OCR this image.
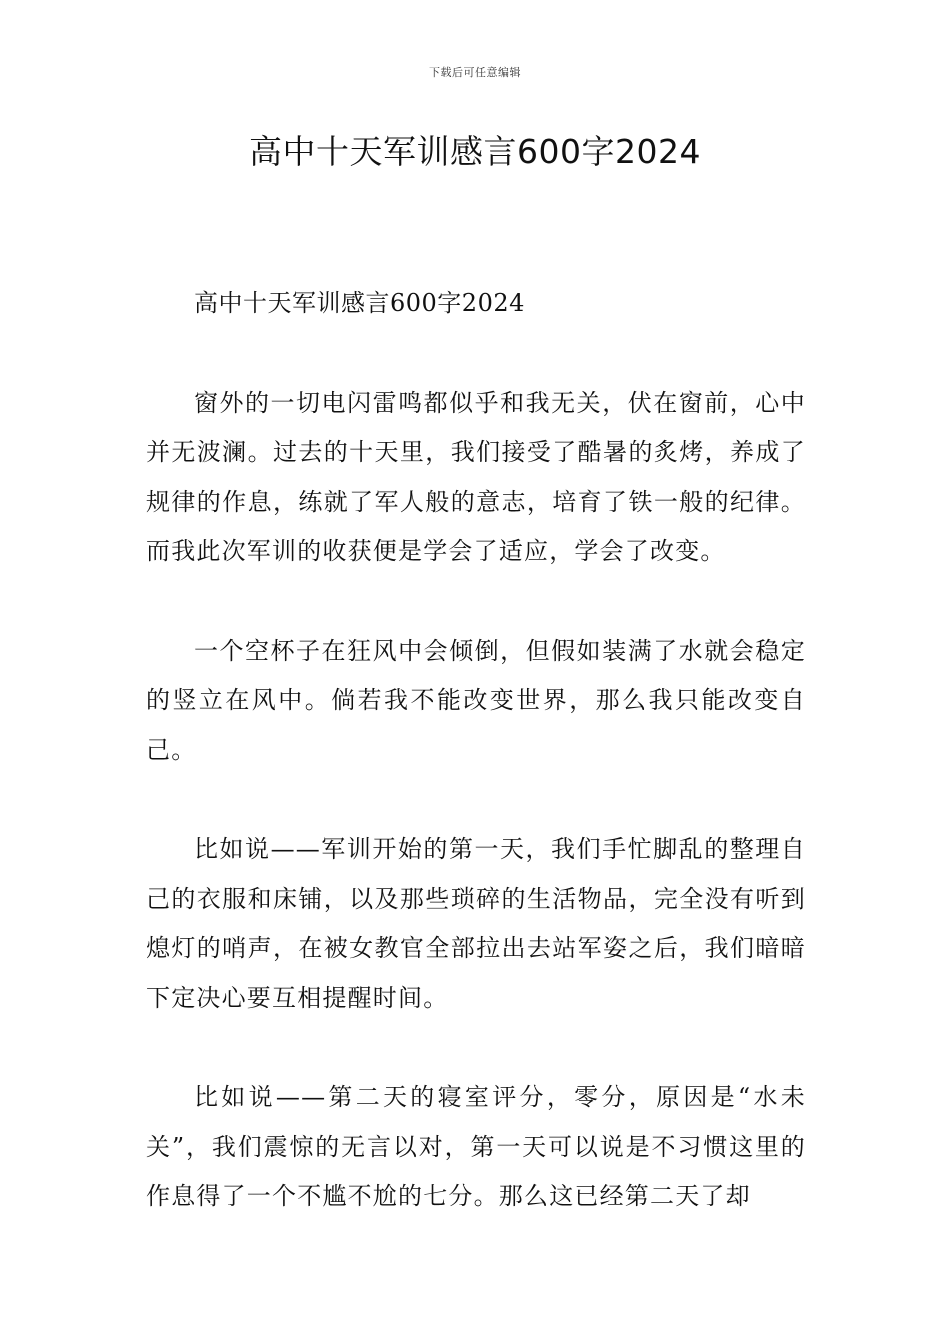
下载后可任意编辑
高中十天军训感言600字2024

高中十天军训感言600字2024

窗外的一切电闪雷鸣都似乎和我无关，伏在窗前，心中并无波澜。过去的十天里，我们接受了酷暑的炙烤，养成了规律的作息，练就了军人般的意志，培育了铁一般的纪律。而我此次军训的收获便是学会了适应，学会了改变。

一个空杯子在狂风中会倾倒，但假如装满了水就会稳定的竖立在风中。倘若我不能改变世界，那么我只能改变自己。

比如说——军训开始的第一天，我们手忙脚乱的整理自己的衣服和床铺，以及那些琐碎的生活物品，完全没有听到熄灯的哨声，在被女教官全部拉出去站军姿之后，我们暗暗下定决心要互相提醒时间。

比如说——第二天的寝室评分，零分，原因是“水未关”，我们震惊的无言以对，第一天可以说是不习惯这里的作息得了一个不尴不尬的七分。那么这已经第二天了却
